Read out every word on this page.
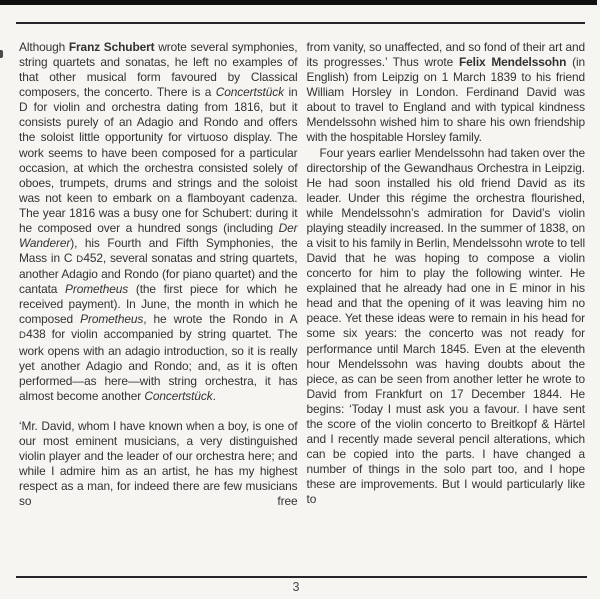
Although Franz Schubert wrote several symphonies, string quartets and sonatas, he left no examples of that other musical form favoured by Classical composers, the concerto. There is a Concertstück in D for violin and orchestra dating from 1816, but it consists purely of an Adagio and Rondo and offers the soloist little opportunity for virtuoso display. The work seems to have been composed for a particular occasion, at which the orchestra consisted solely of oboes, trumpets, drums and strings and the soloist was not keen to embark on a flamboyant cadenza. The year 1816 was a busy one for Schubert: during it he composed over a hundred songs (including Der Wanderer), his Fourth and Fifth Symphonies, the Mass in C D452, several sonatas and string quartets, another Adagio and Rondo (for piano quartet) and the cantata Prometheus (the first piece for which he received payment). In June, the month in which he composed Prometheus, he wrote the Rondo in A D438 for violin accompanied by string quartet. The work opens with an adagio introduction, so it is really yet another Adagio and Rondo; and, as it is often performed—as here—with string orchestra, it has almost become another Concertstück.

‘Mr. David, whom I have known when a boy, is one of our most eminent musicians, a very distinguished violin player and the leader of our orchestra here; and while I admire him as an artist, he has my highest respect as a man, for indeed there are few musicians so free

from vanity, so unaffected, and so fond of their art and its progresses.’ Thus wrote Felix Mendelssohn (in English) from Leipzig on 1 March 1839 to his friend William Horsley in London. Ferdinand David was about to travel to England and with typical kindness Mendelssohn wished him to share his own friendship with the hospitable Horsley family.

Four years earlier Mendelssohn had taken over the directorship of the Gewandhaus Orchestra in Leipzig. He had soon installed his old friend David as its leader. Under this régime the orchestra flourished, while Mendelssohn’s admiration for David’s violin playing steadily increased. In the summer of 1838, on a visit to his family in Berlin, Mendelssohn wrote to tell David that he was hoping to compose a violin concerto for him to play the following winter. He explained that he already had one in E minor in his head and that the opening of it was leaving him no peace. Yet these ideas were to remain in his head for some six years: the concerto was not ready for performance until March 1845. Even at the eleventh hour Mendelssohn was having doubts about the piece, as can be seen from another letter he wrote to David from Frankfurt on 17 December 1844. He begins: ‘Today I must ask you a favour. I have sent the score of the violin concerto to Breitkopf & Härtel and I recently made several pencil alterations, which can be copied into the parts. I have changed a number of things in the solo part too, and I hope these are improvements. But I would particularly like to

3
